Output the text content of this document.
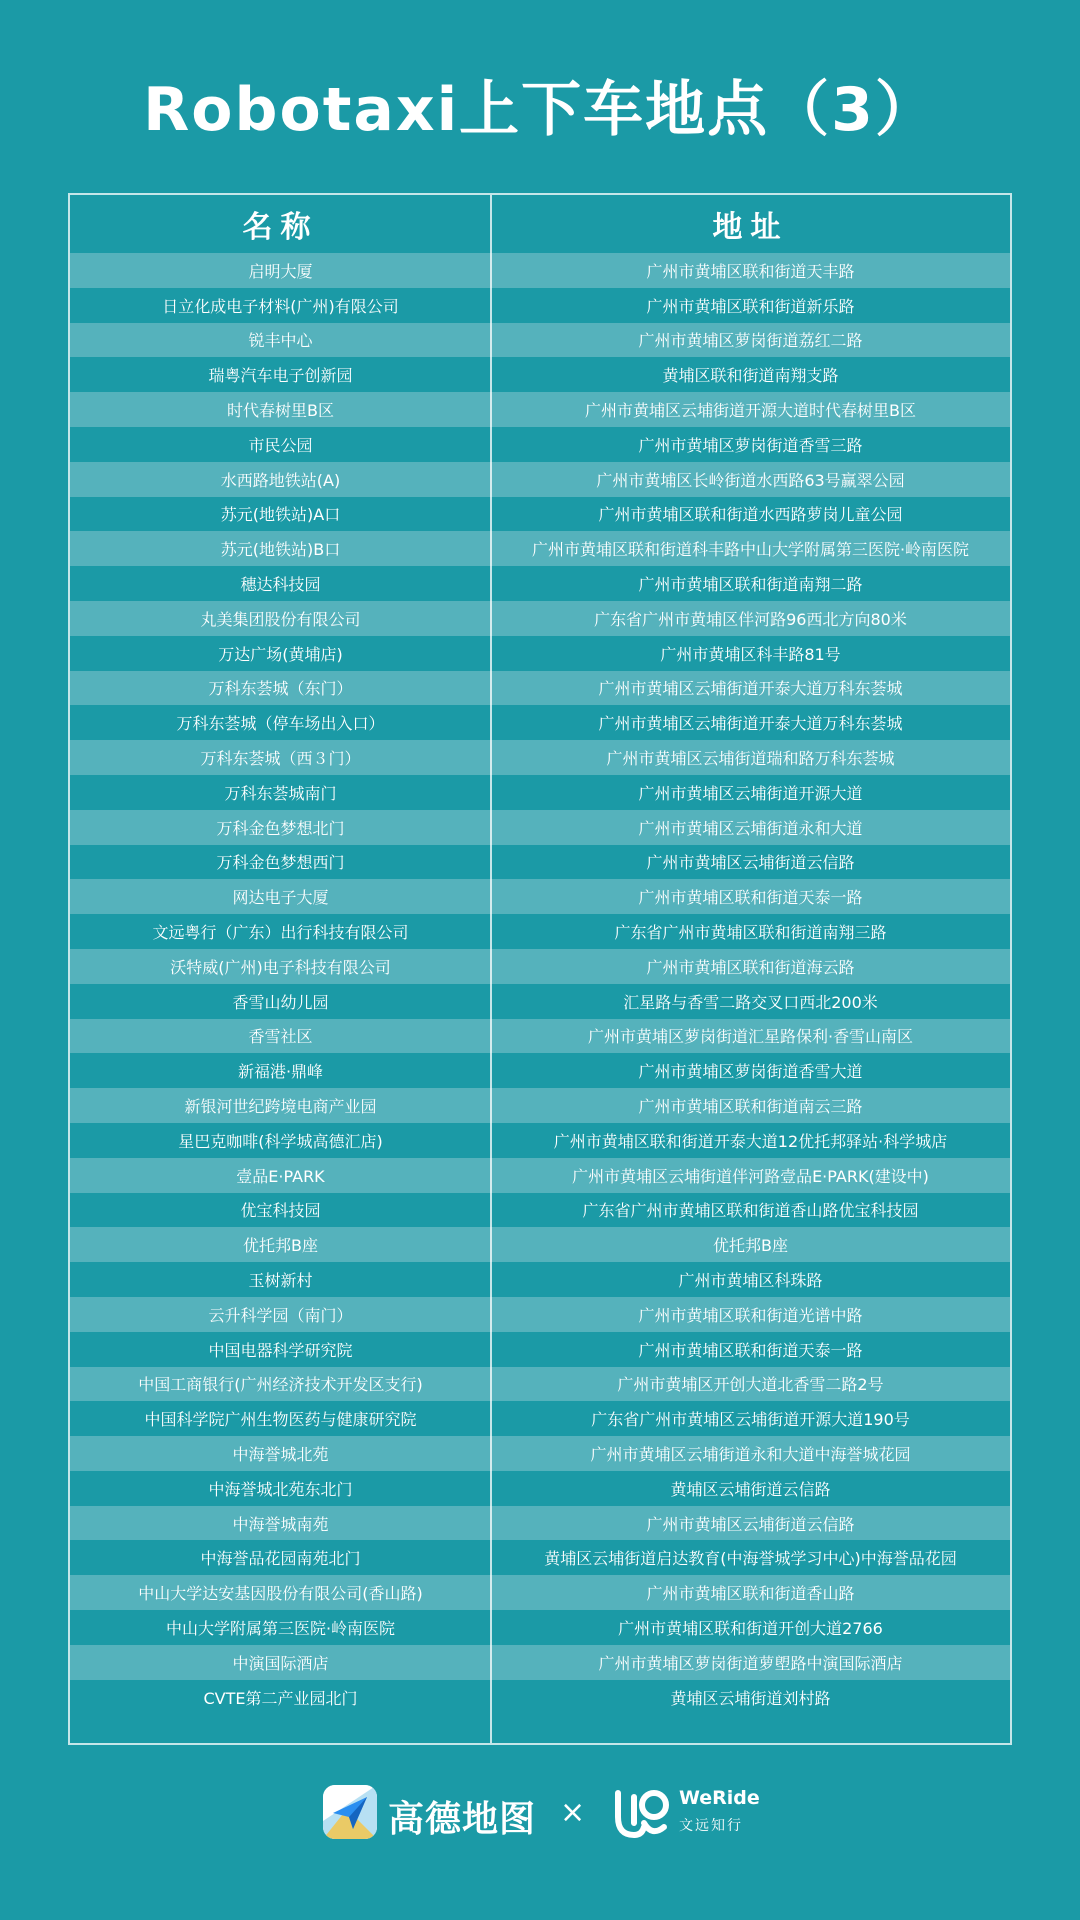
Robotaxi上下车地点（3）
名称	地址
启明大厦	广州市黄埔区联和街道天丰路
日立化成电子材料(广州)有限公司	广州市黄埔区联和街道新乐路
锐丰中心	广州市黄埔区萝岗街道荔红二路
瑞粤汽车电子创新园	黄埔区联和街道南翔支路
时代春树里B区	广州市黄埔区云埔街道开源大道时代春树里B区
市民公园	广州市黄埔区萝岗街道香雪三路
水西路地铁站(A)	广州市黄埔区长岭街道水西路63号赢翠公园
苏元(地铁站)A口	广州市黄埔区联和街道水西路萝岗儿童公园
苏元(地铁站)B口	广州市黄埔区联和街道科丰路中山大学附属第三医院·岭南医院
穗达科技园	广州市黄埔区联和街道南翔二路
丸美集团股份有限公司	广东省广州市黄埔区伴河路96西北方向80米
万达广场(黄埔店)	广州市黄埔区科丰路81号
万科东荟城（东门）	广州市黄埔区云埔街道开泰大道万科东荟城
万科东荟城（停车场出入口）	广州市黄埔区云埔街道开泰大道万科东荟城
万科东荟城（西３门）	广州市黄埔区云埔街道瑞和路万科东荟城
万科东荟城南门	广州市黄埔区云埔街道开源大道
万科金色梦想北门	广州市黄埔区云埔街道永和大道
万科金色梦想西门	广州市黄埔区云埔街道云信路
网达电子大厦	广州市黄埔区联和街道天泰一路
文远粤行（广东）出行科技有限公司	广东省广州市黄埔区联和街道南翔三路
沃特威(广州)电子科技有限公司	广州市黄埔区联和街道海云路
香雪山幼儿园	汇星路与香雪二路交叉口西北200米
香雪社区	广州市黄埔区萝岗街道汇星路保利·香雪山南区
新福港·鼎峰	广州市黄埔区萝岗街道香雪大道
新银河世纪跨境电商产业园	广州市黄埔区联和街道南云三路
星巴克咖啡(科学城高德汇店)	广州市黄埔区联和街道开泰大道12优托邦驿站·科学城店
壹品E·PARK	广州市黄埔区云埔街道伴河路壹品E·PARK(建设中)
优宝科技园	广东省广州市黄埔区联和街道香山路优宝科技园
优托邦B座	优托邦B座
玉树新村	广州市黄埔区科珠路
云升科学园（南门）	广州市黄埔区联和街道光谱中路
中国电器科学研究院	广州市黄埔区联和街道天泰一路
中国工商银行(广州经济技术开发区支行)	广州市黄埔区开创大道北香雪二路2号
中国科学院广州生物医药与健康研究院	广东省广州市黄埔区云埔街道开源大道190号
中海誉城北苑	广州市黄埔区云埔街道永和大道中海誉城花园
中海誉城北苑东北门	黄埔区云埔街道云信路
中海誉城南苑	广州市黄埔区云埔街道云信路
中海誉品花园南苑北门	黄埔区云埔街道启达教育(中海誉城学习中心)中海誉品花园
中山大学达安基因股份有限公司(香山路)	广州市黄埔区联和街道香山路
中山大学附属第三医院·岭南医院	广州市黄埔区联和街道开创大道2766
中演国际酒店	广州市黄埔区萝岗街道萝塱路中演国际酒店
CVTE第二产业园北门	黄埔区云埔街道刘村路
高德地图 ×	WeRide
文远知行
